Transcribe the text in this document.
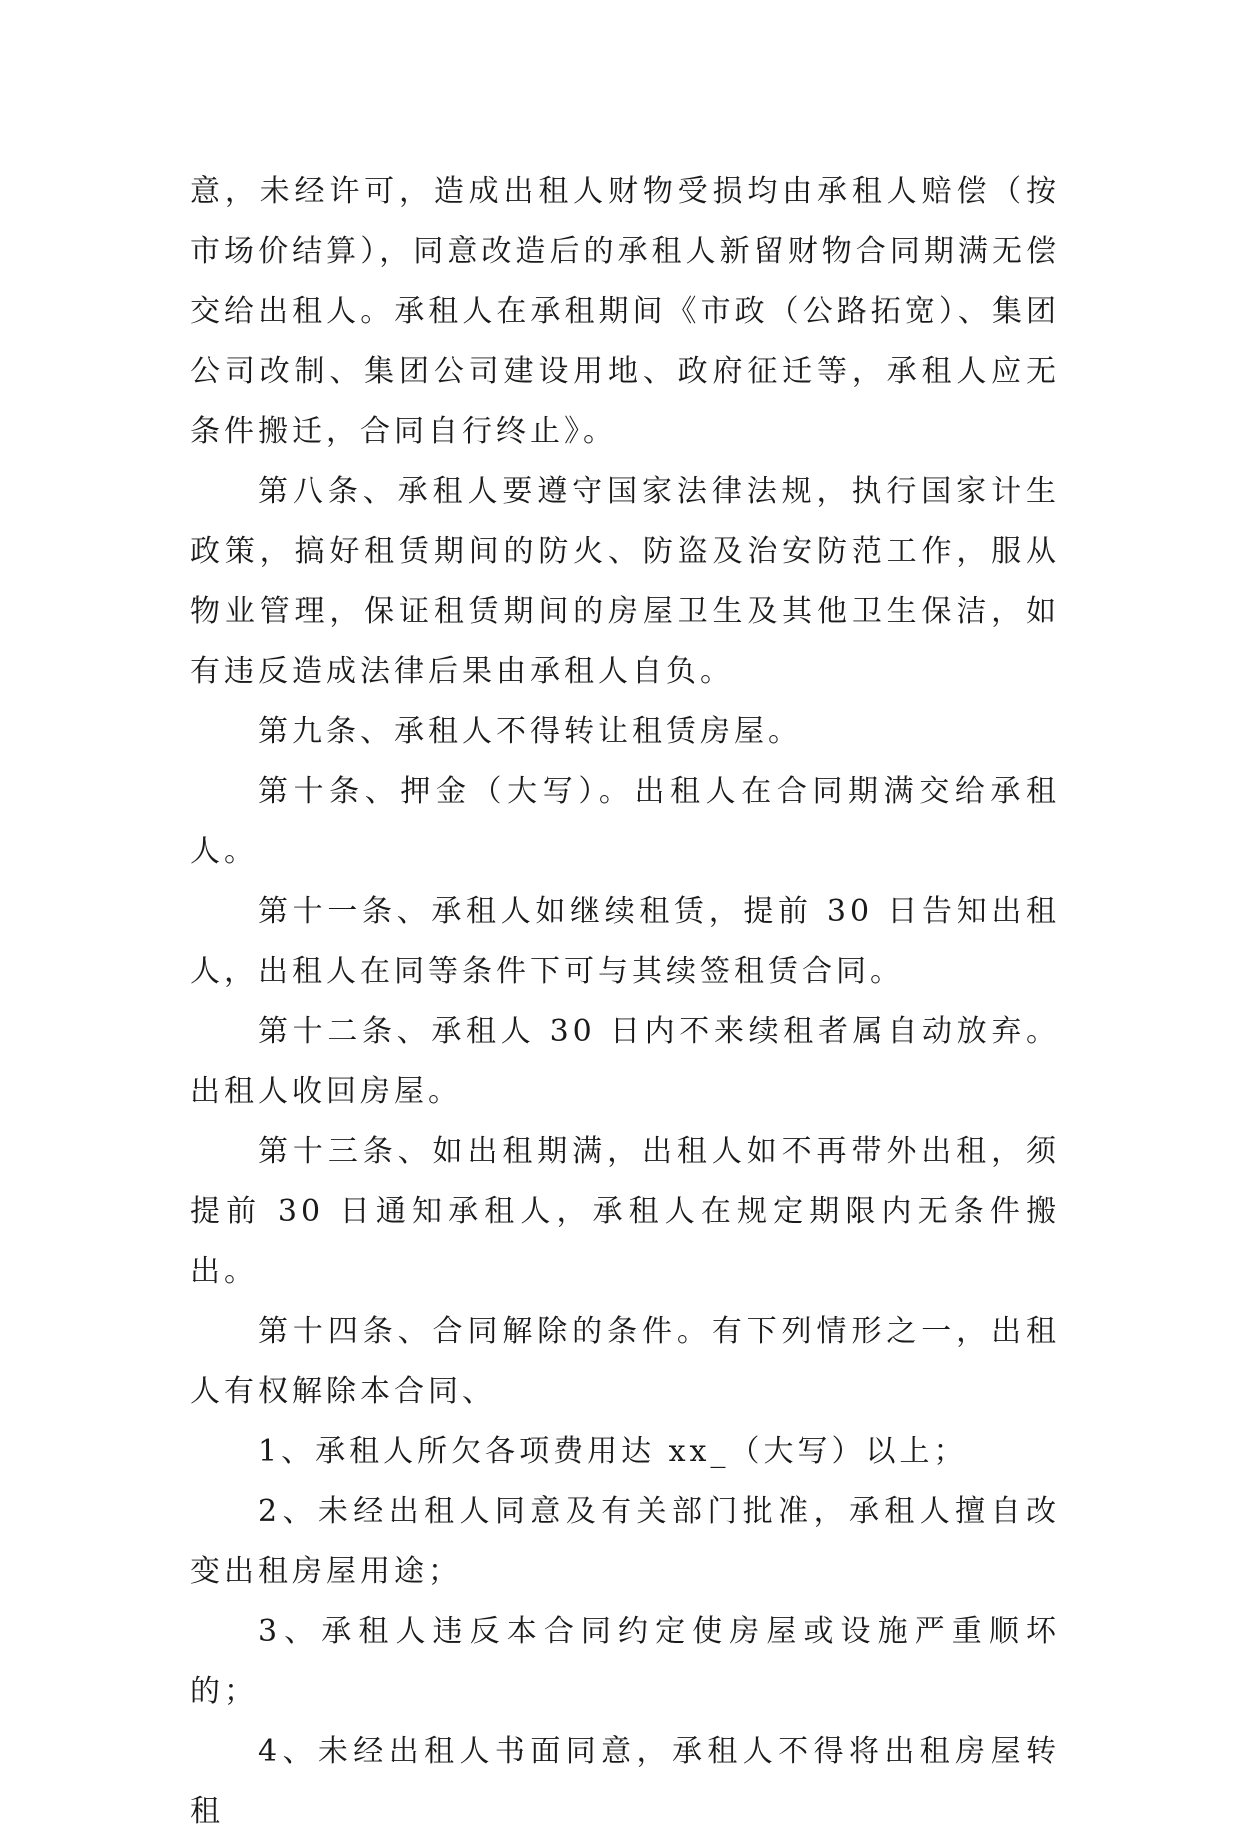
意，未经许可，造成出租人财物受损均由承租人赔偿（按市场价结算），同意改造后的承租人新留财物合同期满无偿交给出租人。承租人在承租期间《市政（公路拓宽）、集团公司改制、集团公司建设用地、政府征迁等，承租人应无条件搬迁，合同自行终止》。

第八条、承租人要遵守国家法律法规，执行国家计生政策，搞好租赁期间的防火、防盗及治安防范工作，服从物业管理，保证租赁期间的房屋卫生及其他卫生保洁，如有违反造成法律后果由承租人自负。

第九条、承租人不得转让租赁房屋。

第十条、押金（大写）。出租人在合同期满交给承租人。

第十一条、承租人如继续租赁，提前 30 日告知出租人，出租人在同等条件下可与其续签租赁合同。

第十二条、承租人 30 日内不来续租者属自动放弃。出租人收回房屋。

第十三条、如出租期满，出租人如不再带外出租，须提前 30 日通知承租人，承租人在规定期限内无条件搬出。

第十四条、合同解除的条件。有下列情形之一，出租人有权解除本合同、

1、承租人所欠各项费用达 xx_（大写）以上；

2、未经出租人同意及有关部门批准，承租人擅自改变出租房屋用途；

3、承租人违反本合同约定使房屋或设施严重顺坏的；

4、未经出租人书面同意，承租人不得将出租房屋转租
